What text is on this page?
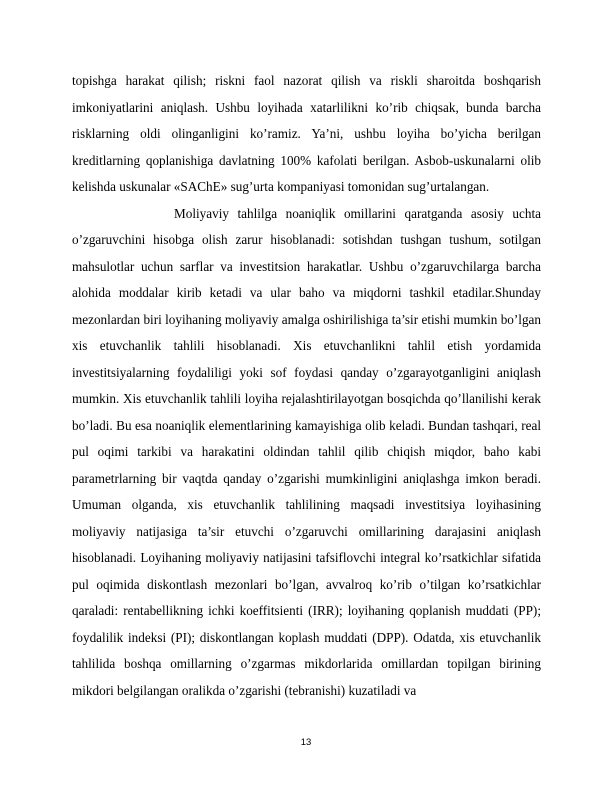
topishga harakat qilish; riskni faol nazorat qilish va riskli sharoitda boshqarish imkoniyatlarini aniqlash. Ushbu loyihada xatarlilikni ko’rib chiqsak, bunda barcha risklarning oldi olinganligini ko’ramiz. Ya’ni, ushbu loyiha bo’yicha berilgan kreditlarning qoplanishiga davlatning 100% kafolati berilgan. Asbob-uskunalarni olib kelishda uskunalar «SAChE» sug’urta kompaniyasi tomonidan sug’urtalangan.

Moliyaviy tahlilga noaniqlik omillarini qaratganda asosiy uchta o’zgaruvchini hisobga olish zarur hisoblanadi: sotishdan tushgan tushum, sotilgan mahsulotlar uchun sarflar va investitsion harakatlar. Ushbu o’zgaruvchilarga barcha alohida moddalar kirib ketadi va ular baho va miqdorni tashkil etadilar.Shunday mezonlardan biri loyihaning moliyaviy amalga oshirilishiga ta’sir etishi mumkin bo’lgan xis etuvchanlik tahlili hisoblanadi. Xis etuvchanlikni tahlil etish yordamida investitsiyalarning foydaliligi yoki sof foydasi qanday o’zgarayotganligini aniqlash mumkin. Xis etuvchanlik tahlili loyiha rejalashtirilayotgan bosqichda qo’llanilishi kerak bo’ladi. Bu esa noaniqlik elementlarining kamayishiga olib keladi. Bundan tashqari, real pul oqimi tarkibi va harakatini oldindan tahlil qilib chiqish miqdor, baho kabi parametrlarning bir vaqtda qanday o’zgarishi mumkinligini aniqlashga imkon beradi. Umuman olganda, xis etuvchanlik tahlilining maqsadi investitsiya loyihasining moliyaviy natijasiga ta’sir etuvchi o’zgaruvchi omillarining darajasini aniqlash hisoblanadi. Loyihaning moliyaviy natijasini tafsiflovchi integral ko’rsatkichlar sifatida pul oqimida diskontlash mezonlari bo’lgan, avvalroq ko’rib o’tilgan ko’rsatkichlar qaraladi: rentabellikning ichki koeffitsienti (IRR); loyihaning qoplanish muddati (PP); foydalilik indeksi (PI); diskontlangan koplash muddati (DPP). Odatda, xis etuvchanlik tahlilida boshqa omillarning o’zgarmas mikdorlarida omillardan topilgan birining mikdori belgilangan oralikda o’zgarishi (tebranishi) kuzatiladi va

13
